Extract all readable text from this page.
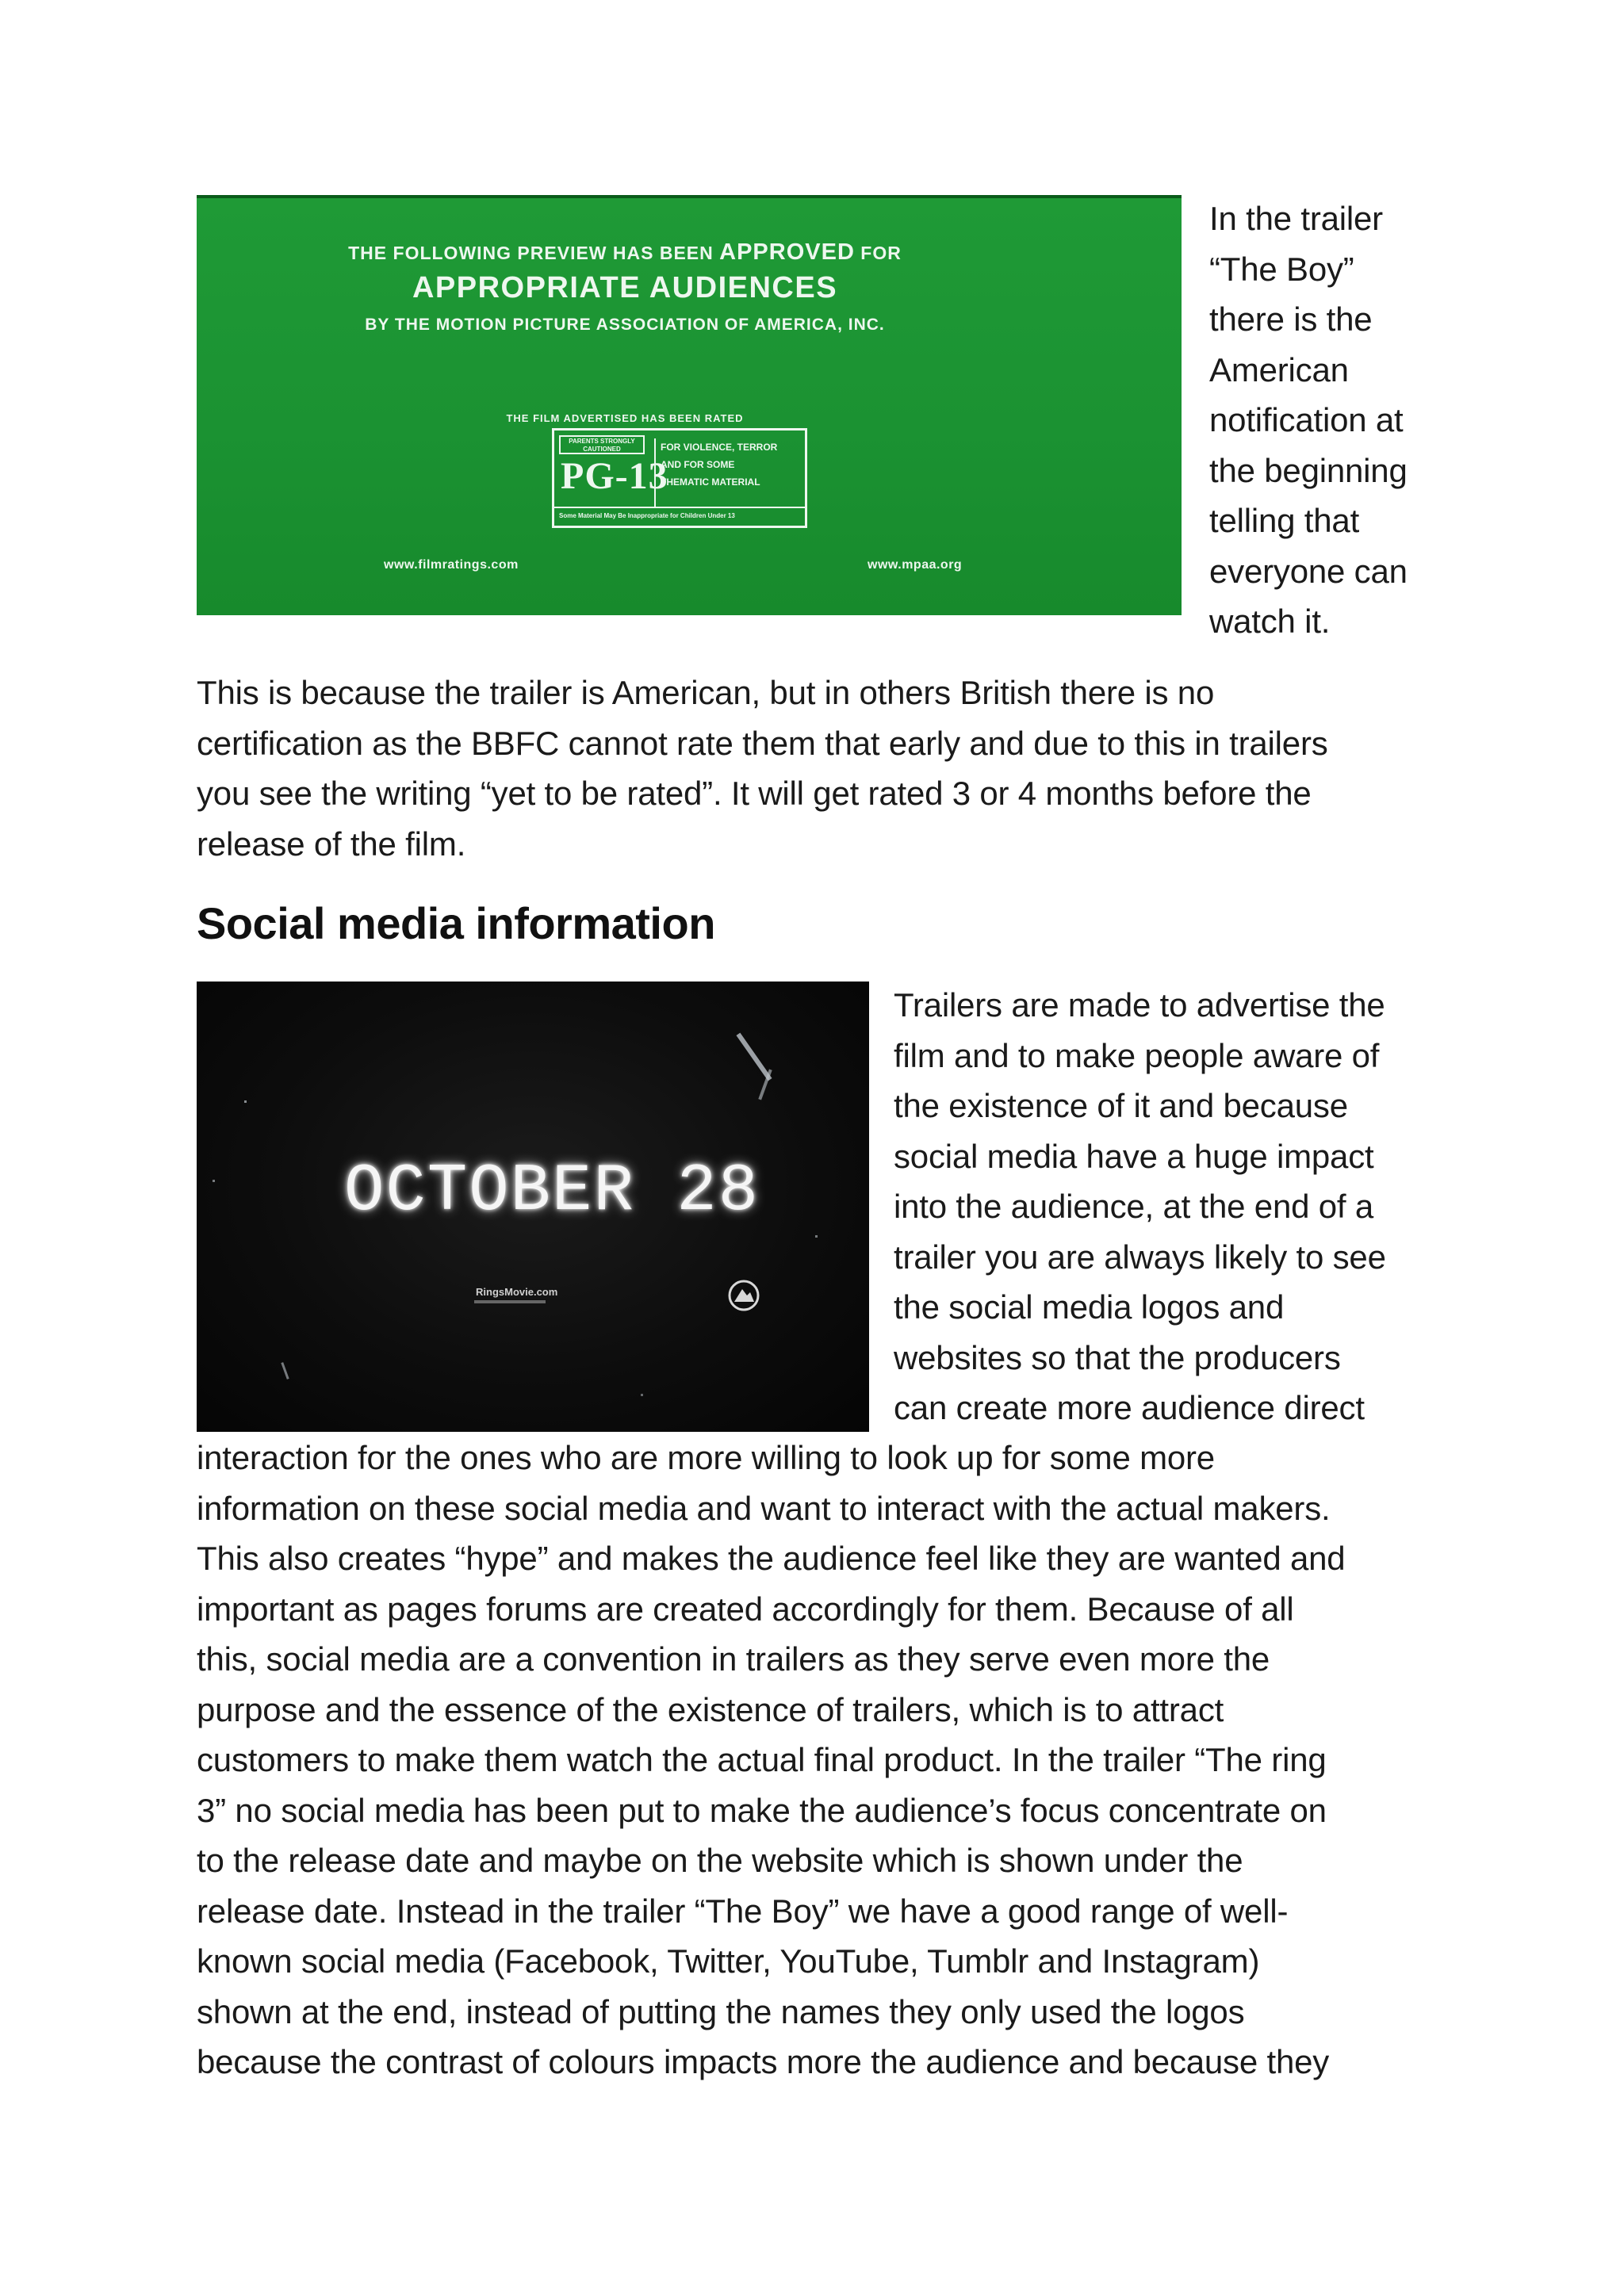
THE FOLLOWING PREVIEW HAS BEEN APPROVED FOR
APPROPRIATE AUDIENCES
BY THE MOTION PICTURE ASSOCIATION OF AMERICA, INC.
THE FILM ADVERTISED HAS BEEN RATED
PARENTS STRONGLY CAUTIONED
PG-13
FOR VIOLENCE, TERROR
AND FOR SOME
THEMATIC MATERIAL
Some Material May Be Inappropriate for Children Under 13
www.filmratings.com	www.mpaa.org
In the trailer
“The Boy”
there is the
American
notification at
the beginning
telling that
everyone can
watch it.
This is because the trailer is American, but in others British there is no
certification as the BBFC cannot rate them that early and due to this in trailers
you see the writing “yet to be rated”. It will get rated 3 or 4 months before the
release of the film.
Social media information
OCTOBER 28
RingsMovie.com
Trailers are made to advertise the
film and to make people aware of
the existence of it and because
social media have a huge impact
into the audience, at the end of a
trailer you are always likely to see
the social media logos and
websites so that the producers
can create more audience direct
interaction for the ones who are more willing to look up for some more
information on these social media and want to interact with the actual makers.
This also creates “hype” and makes the audience feel like they are wanted and
important as pages forums are created accordingly for them. Because of all
this, social media are a convention in trailers as they serve even more the
purpose and the essence of the existence of trailers, which is to attract
customers to make them watch the actual final product. In the trailer “The ring
3” no social media has been put to make the audience’s focus concentrate on
to the release date and maybe on the website which is shown under the
release date. Instead in the trailer “The Boy” we have a good range of well-
known social media (Facebook, Twitter, YouTube, Tumblr and Instagram)
shown at the end, instead of putting the names they only used the logos
because the contrast of colours impacts more the audience and because they
